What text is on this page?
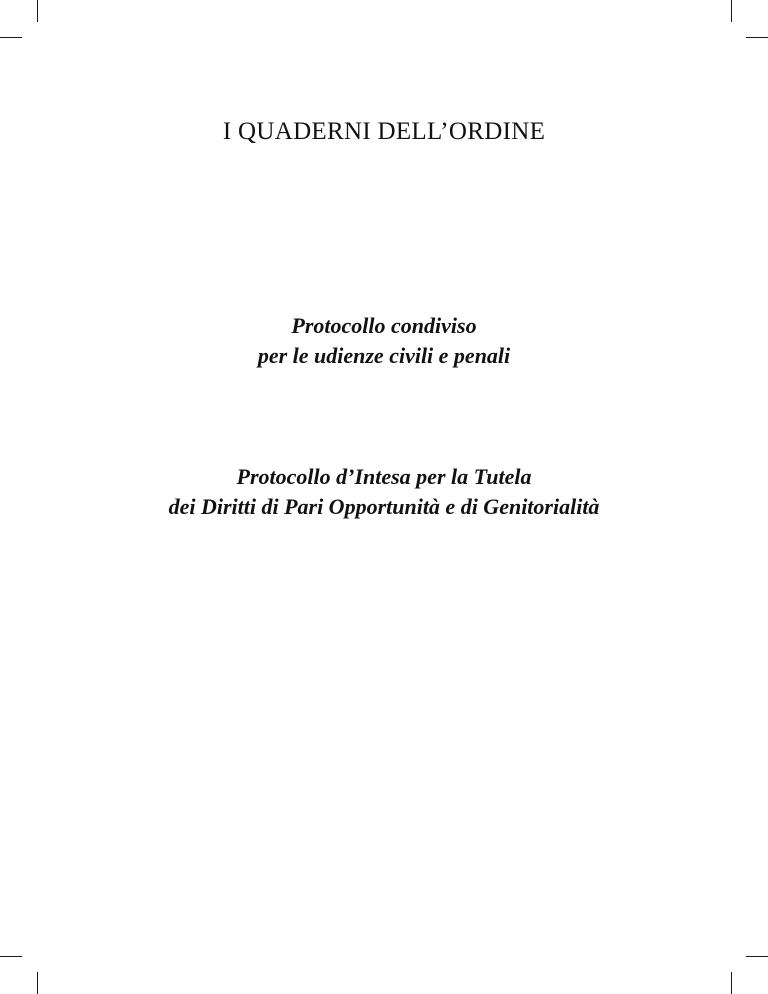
I QUADERNI DELL’ORDINE
Protocollo condiviso
per le udienze civili e penali
Protocollo d’Intesa per la Tutela
dei Diritti di Pari Opportunità e di Genitorialità
